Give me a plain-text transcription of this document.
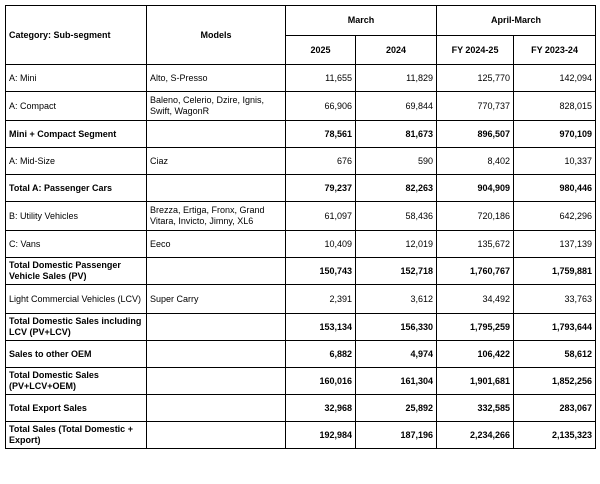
Category: Sub-segment	Models	March		April-March	
		2025	2024	FY 2024-25	FY 2023-24
A: Mini	Alto, S-Presso	11,655	11,829	125,770	142,094
A: Compact	Baleno, Celerio, Dzire, Ignis, Swift, WagonR	66,906	69,844	770,737	828,015
Mini + Compact Segment		78,561	81,673	896,507	970,109
A: Mid-Size	Ciaz	676	590	8,402	10,337
Total A: Passenger Cars		79,237	82,263	904,909	980,446
B: Utility Vehicles	Brezza, Ertiga, Fronx, Grand Vitara, Invicto, Jimny, XL6	61,097	58,436	720,186	642,296
C: Vans	Eeco	10,409	12,019	135,672	137,139
Total Domestic Passenger Vehicle Sales (PV)		150,743	152,718	1,760,767	1,759,881
Light Commercial Vehicles (LCV)	Super Carry	2,391	3,612	34,492	33,763
Total Domestic Sales including LCV (PV+LCV)		153,134	156,330	1,795,259	1,793,644
Sales to other OEM		6,882	4,974	106,422	58,612
Total Domestic Sales (PV+LCV+OEM)		160,016	161,304	1,901,681	1,852,256
Total Export Sales		32,968	25,892	332,585	283,067
Total Sales (Total Domestic + Export)		192,984	187,196	2,234,266	2,135,323
